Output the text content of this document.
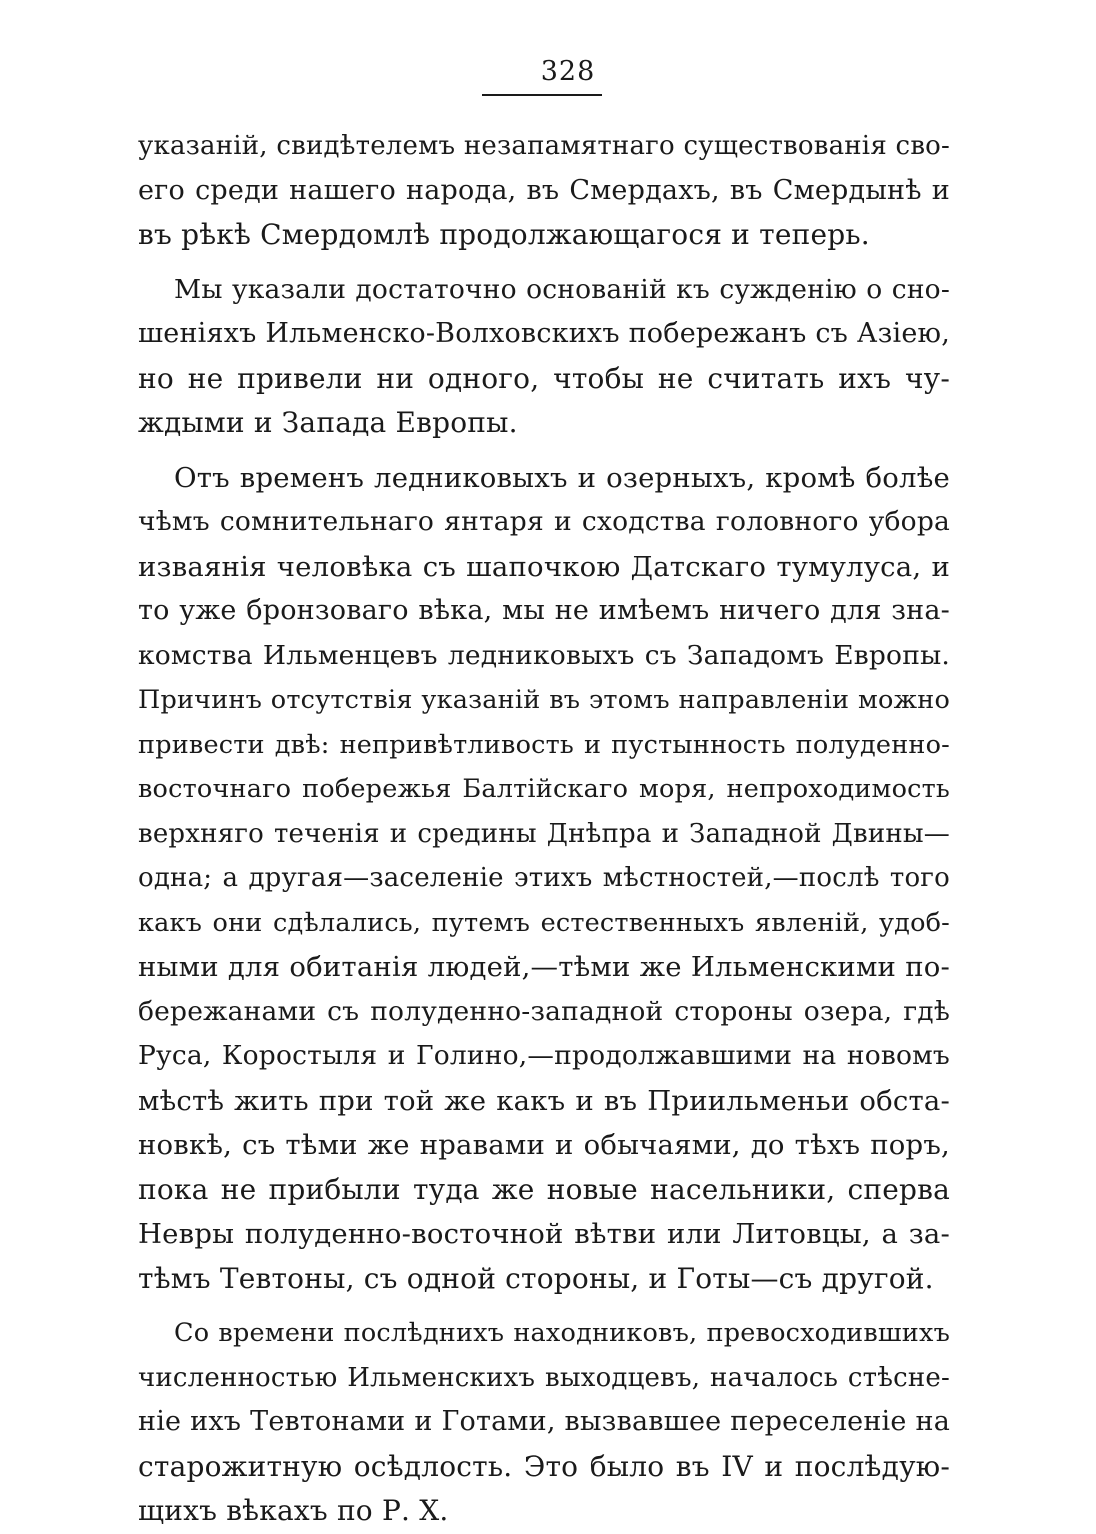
328
указаній, свидѣтелемъ незапамятнаго существованія сво-
его среди нашего народа, въ Смердахъ, въ Смердынѣ и
въ рѣкѣ Смердомлѣ продолжающагося и теперь.
Мы указали достаточно основаній къ сужденію о сно-
шеніяхъ Ильменско-Волховскихъ побережанъ съ Азіею,
но не привели ни одного, чтобы не считать ихъ чу-
ждыми и Запада Европы.
Отъ временъ ледниковыхъ и озерныхъ, кромѣ болѣе
чѣмъ сомнительнаго янтаря и сходства головного убора
изваянія человѣка съ шапочкою Датскаго тумулуса, и
то уже бронзоваго вѣка, мы не имѣемъ ничего для зна-
комства Ильменцевъ ледниковыхъ съ Западомъ Европы.
Причинъ отсутствія указаній въ этомъ направленіи можно
привести двѣ: непривѣтливость и пустынность полуденно-
восточнаго побережья Балтійскаго моря, непроходимость
верхняго теченія и средины Днѣпра и Западной Двины—
одна; а другая—заселеніе этихъ мѣстностей,—послѣ того
какъ они сдѣлались, путемъ естественныхъ явленій, удоб-
ными для обитанія людей,—тѣми же Ильменскими по-
бережанами съ полуденно-западной стороны озера, гдѣ
Руса, Коростыля и Голино,—продолжавшими на новомъ
мѣстѣ жить при той же какъ и въ Приильменьи обста-
новкѣ, съ тѣми же нравами и обычаями, до тѣхъ поръ,
пока не прибыли туда же новые насельники, сперва
Невры полуденно-восточной вѣтви или Литовцы, а за-
тѣмъ Тевтоны, съ одной стороны, и Готы—съ другой.
Со времени послѣднихъ находниковъ, превосходившихъ
численностью Ильменскихъ выходцевъ, началось стѣсне-
ніе ихъ Тевтонами и Готами, вызвавшее переселеніе на
старожитную осѣдлость. Это было въ IV и послѣдую-
щихъ вѣкахъ по Р. Х.
